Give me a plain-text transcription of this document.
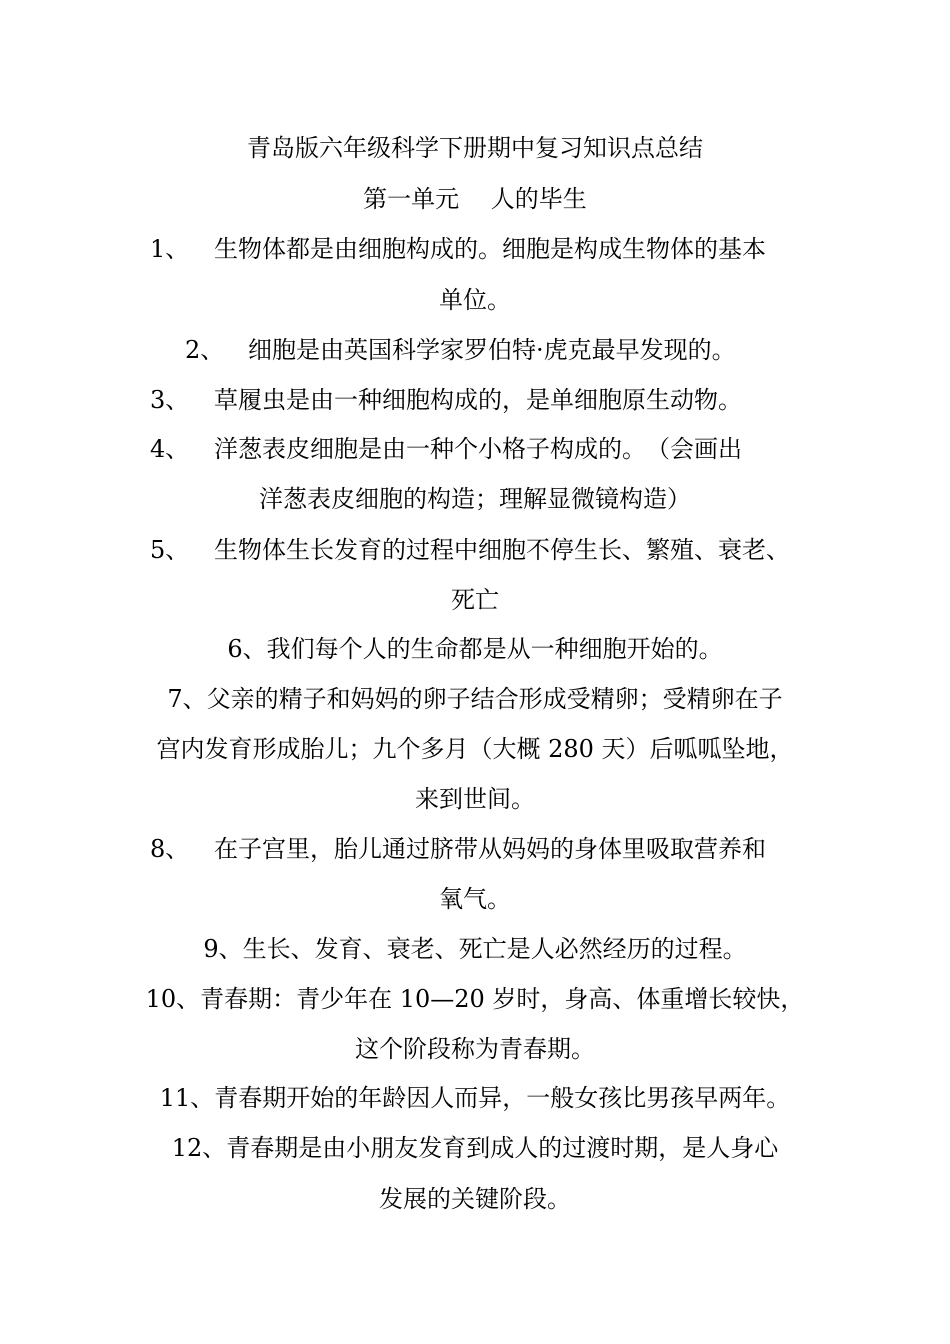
青岛版六年级科学下册期中复习知识点总结
第一单元　 人的毕生
1、 生物体都是由细胞构成的。细胞是构成生物体的基本
单位。
2、 细胞是由英国科学家罗伯特·虎克最早发现的。
3、 草履虫是由一种细胞构成的，是单细胞原生动物。
4、 洋葱表皮细胞是由一种个小格子构成的。　（会画出
洋葱表皮细胞的构造；理解显微镜构造）
5、 生物体生长发育的过程中细胞不停生长、繁殖、衰老、
死亡
6、我们每个人的生命都是从一种细胞开始的。
7、父亲的精子和妈妈的卵子结合形成受精卵；受精卵在子
宫内发育形成胎儿；九个多月（大概 280 天）后呱呱坠地，
来到世间。
8、 在子宫里，胎儿通过脐带从妈妈的身体里吸取营养和
氧气。
9、生长、发育、衰老、死亡是人必然经历的过程。
10、青春期：青少年在 10—20 岁时，身高、体重增长较快，
这个阶段称为青春期。
11、青春期开始的年龄因人而异，一般女孩比男孩早两年。
12、青春期是由小朋友发育到成人的过渡时期，是人身心
发展的关键阶段。
